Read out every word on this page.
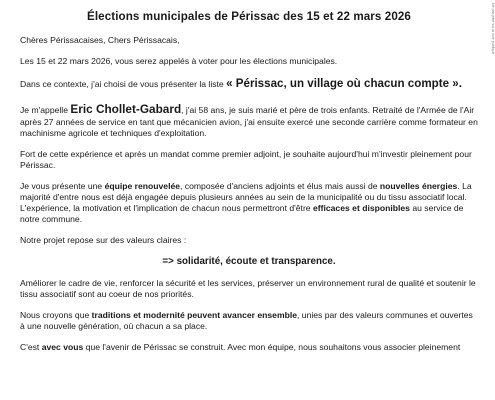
Ne pas jeter sur la voie publique
Élections municipales de Périssac des 15 et 22 mars 2026

Chères Périssacaises, Chers Périssacais,

Les 15 et 22 mars 2026, vous serez appelés à voter pour les élections municipales.

Dans ce contexte, j'ai choisi de vous présenter la liste « Périssac, un village où chacun compte ».

Je m'appelle Eric Chollet-Gabard, j'ai 58 ans, je suis marié et père de trois enfants. Retraité de l'Armée de l'Air après 27 années de service en tant que mécanicien avion, j'ai ensuite exercé une seconde carrière comme formateur en machinisme agricole et techniques d'exploitation.

Fort de cette expérience et après un mandat comme premier adjoint, je souhaite aujourd'hui m'investir pleinement pour Périssac.

Je vous présente une équipe renouvelée, composée d'anciens adjoints et élus mais aussi de nouvelles énergies. La majorité d'entre nous est déjà engagée depuis plusieurs années au sein de la municipalité ou du tissu associatif local. L'expérience, la motivation et l'implication de chacun nous permettront d'être efficaces et disponibles au service de notre commune.

Notre projet repose sur des valeurs claires :

=> solidarité, écoute et transparence.

Améliorer le cadre de vie, renforcer la sécurité et les services, préserver un environnement rural de qualité et soutenir le tissu associatif sont au coeur de nos priorités.

Nous croyons que traditions et modernité peuvent avancer ensemble, unies par des valeurs communes et ouvertes à une nouvelle génération, où chacun a sa place.

C'est avec vous que l'avenir de Périssac se construit. Avec mon équipe, nous souhaitons vous associer pleinement
